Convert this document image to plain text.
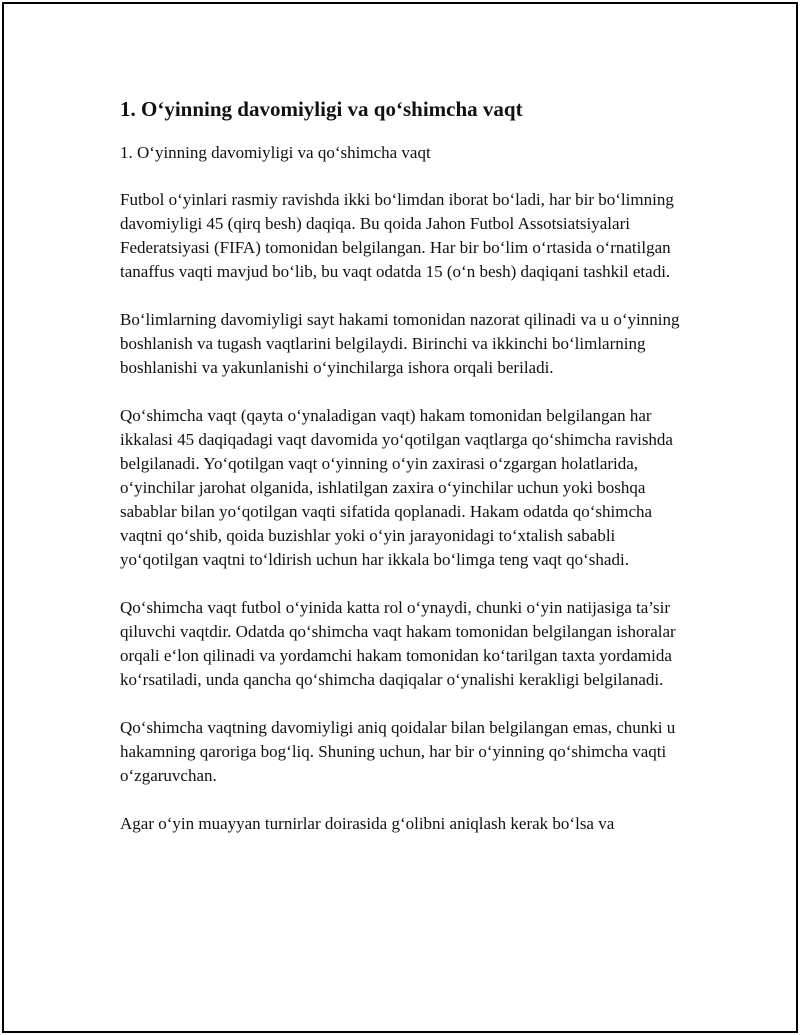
1. O‘yinning davomiyligi va qo‘shimcha vaqt
1. O‘yinning davomiyligi va qo‘shimcha vaqt

Futbol o‘yinlari rasmiy ravishda ikki bo‘limdan iborat bo‘ladi, har bir bo‘limning davomiyligi 45 (qirq besh) daqiqa. Bu qoida Jahon Futbol Assotsiatsiyalari Federatsiyasi (FIFA) tomonidan belgilangan. Har bir bo‘lim o‘rtasida o‘rnatilgan tanaffus vaqti mavjud bo‘lib, bu vaqt odatda 15 (o‘n besh) daqiqani tashkil etadi.

Bo‘limlarning davomiyligi sayt hakami tomonidan nazorat qilinadi va u o‘yinning boshlanish va tugash vaqtlarini belgilaydi. Birinchi va ikkinchi bo‘limlarning boshlanishi va yakunlanishi o‘yinchilarga ishora orqali beriladi.

Qo‘shimcha vaqt (qayta o‘ynaladigan vaqt) hakam tomonidan belgilangan har ikkalasi 45 daqiqadagi vaqt davomida yo‘qotilgan vaqtlarga qo‘shimcha ravishda belgilanadi. Yo‘qotilgan vaqt o‘yinning o‘yin zaxirasi o‘zgargan holatlarida, o‘yinchilar jarohat olganida, ishlatilgan zaxira o‘yinchilar uchun yoki boshqa sabablar bilan yo‘qotilgan vaqti sifatida qoplanadi. Hakam odatda qo‘shimcha vaqtni qo‘shib, qoida buzishlar yoki o‘yin jarayonidagi to‘xtalish sababli yo‘qotilgan vaqtni to‘ldirish uchun har ikkala bo‘limga teng vaqt qo‘shadi.

Qo‘shimcha vaqt futbol o‘yinida katta rol o‘ynaydi, chunki o‘yin natijasiga ta’sir qiluvchi vaqtdir. Odatda qo‘shimcha vaqt hakam tomonidan belgilangan ishoralar orqali e‘lon qilinadi va yordamchi hakam tomonidan ko‘tarilgan taxta yordamida ko‘rsatiladi, unda qancha qo‘shimcha daqiqalar o‘ynalishi kerakligi belgilanadi.

Qo‘shimcha vaqtning davomiyligi aniq qoidalar bilan belgilangan emas, chunki u hakamning qaroriga bog‘liq. Shuning uchun, har bir o‘yinning qo‘shimcha vaqti o‘zgaruvchan.

Agar o‘yin muayyan turnirlar doirasida g‘olibni aniqlash kerak bo‘lsa va
